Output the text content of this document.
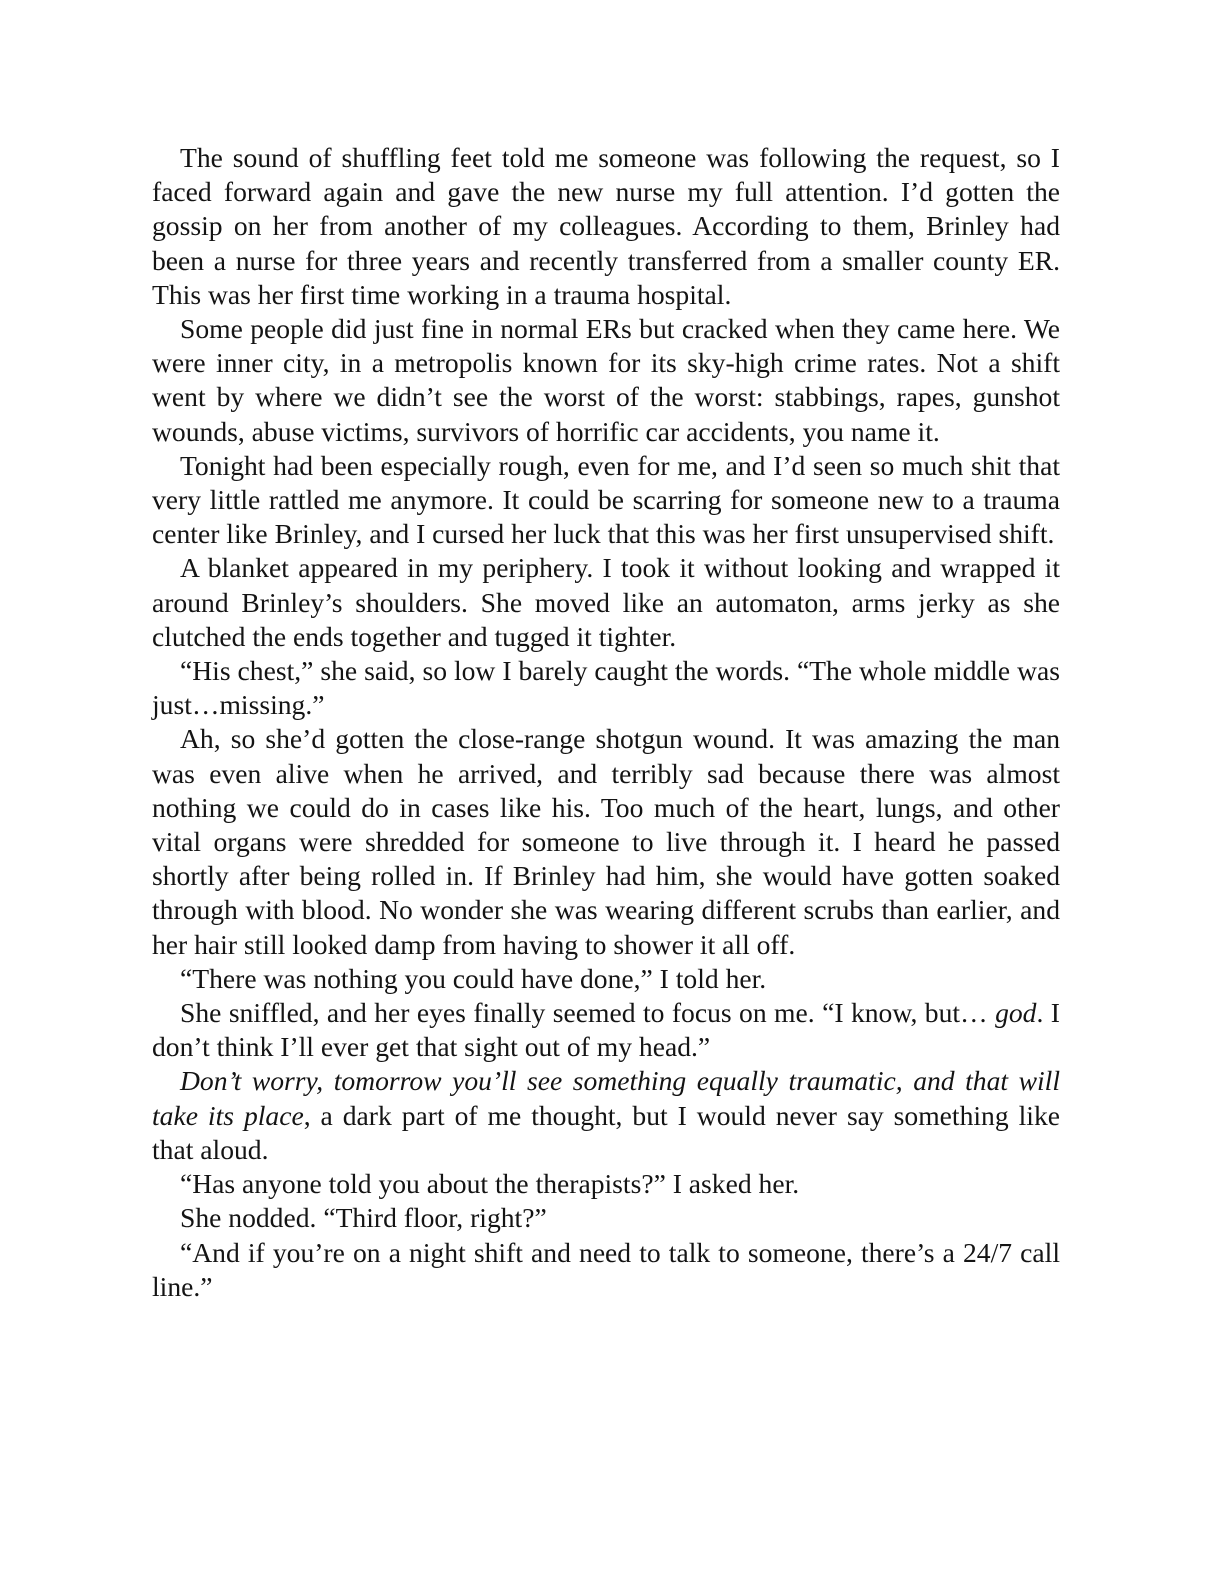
The sound of shuffling feet told me someone was following the request, so I faced forward again and gave the new nurse my full attention. I’d gotten the gossip on her from another of my colleagues. According to them, Brinley had been a nurse for three years and recently transferred from a smaller county ER. This was her first time working in a trauma hospital.

Some people did just fine in normal ERs but cracked when they came here. We were inner city, in a metropolis known for its sky-high crime rates. Not a shift went by where we didn’t see the worst of the worst: stabbings, rapes, gunshot wounds, abuse victims, survivors of horrific car accidents, you name it.

Tonight had been especially rough, even for me, and I’d seen so much shit that very little rattled me anymore. It could be scarring for someone new to a trauma center like Brinley, and I cursed her luck that this was her first unsupervised shift.

A blanket appeared in my periphery. I took it without looking and wrapped it around Brinley’s shoulders. She moved like an automaton, arms jerky as she clutched the ends together and tugged it tighter.

“His chest,” she said, so low I barely caught the words. “The whole middle was just…missing.”

Ah, so she’d gotten the close-range shotgun wound. It was amazing the man was even alive when he arrived, and terribly sad because there was almost nothing we could do in cases like his. Too much of the heart, lungs, and other vital organs were shredded for someone to live through it. I heard he passed shortly after being rolled in. If Brinley had him, she would have gotten soaked through with blood. No wonder she was wearing different scrubs than earlier, and her hair still looked damp from having to shower it all off.

“There was nothing you could have done,” I told her.

She sniffled, and her eyes finally seemed to focus on me. “I know, but… god. I don’t think I’ll ever get that sight out of my head.”

Don’t worry, tomorrow you’ll see something equally traumatic, and that will take its place, a dark part of me thought, but I would never say something like that aloud.

“Has anyone told you about the therapists?” I asked her.

She nodded. “Third floor, right?”

“And if you’re on a night shift and need to talk to someone, there’s a 24/7 call line.”
